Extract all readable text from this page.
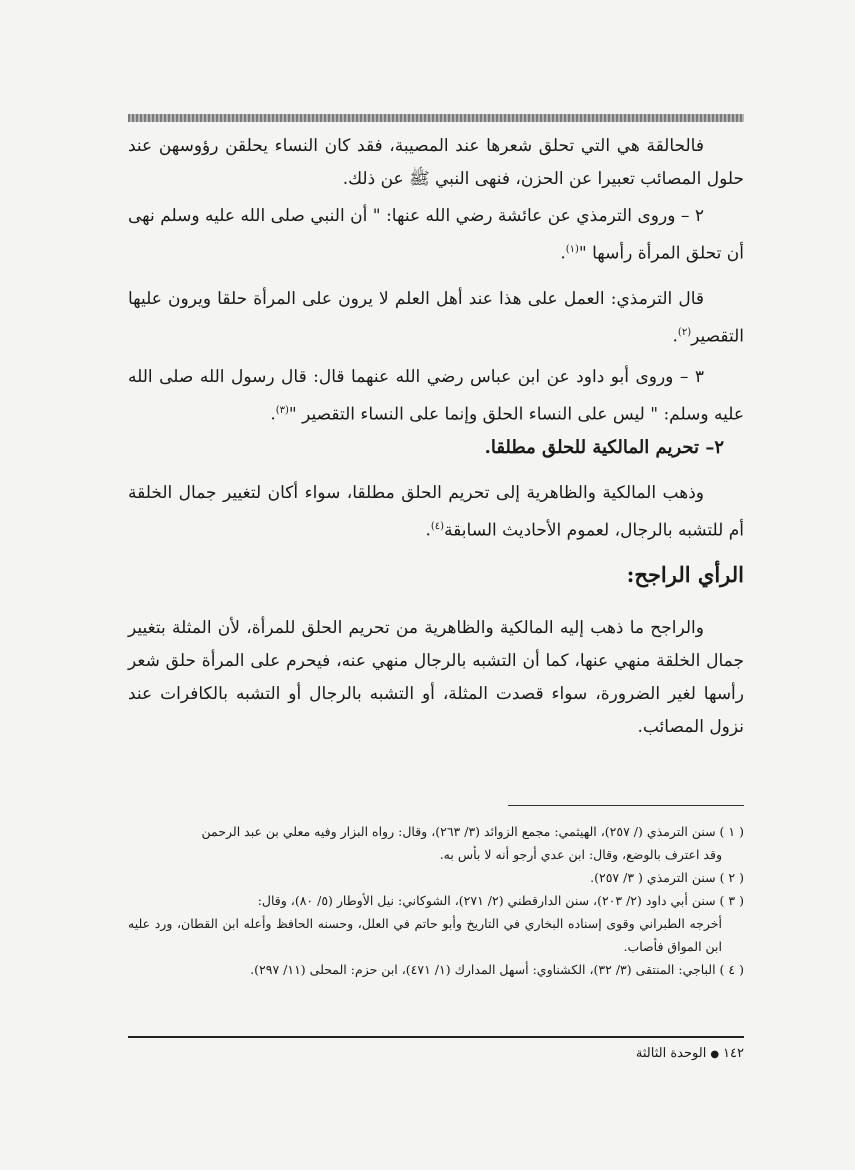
فالحالقة هي التي تحلق شعرها عند المصيبة، فقد كان النساء يحلقن رؤوسهن عند حلول المصائب تعبيرا عن الحزن، فنهى النبي ﷺ عن ذلك.

٢ – وروى الترمذي عن عائشة رضي الله عنها: " أن النبي صلى الله عليه وسلم نهى أن تحلق المرأة رأسها "$^{(١)}$.

قال الترمذي: العمل على هذا عند أهل العلم لا يرون على المرأة حلقا ويرون عليها التقصير$^{(٢)}$.

٣ – وروى أبو داود عن ابن عباس رضي الله عنهما قال: قال رسول الله صلى الله عليه وسلم: " ليس على النساء الحلق وإنما على النساء التقصير "$^{(٣)}$.

٢– تحريم المالكية للحلق مطلقا.

وذهب المالكية والظاهرية إلى تحريم الحلق مطلقا، سواء أكان لتغيير جمال الخلقة أم للتشبه بالرجال، لعموم الأحاديث السابقة$^{(٤)}$.

الرأي الراجح:

والراجح ما ذهب إليه المالكية والظاهرية من تحريم الحلق للمرأة، لأن المثلة بتغيير جمال الخلقة منهي عنها، كما أن التشبه بالرجال منهي عنه، فيحرم على المرأة حلق شعر رأسها لغير الضرورة، سواء قصدت المثلة، أو التشبه بالرجال أو التشبه بالكافرات عند نزول المصائب.

( ١ ) سنن الترمذي (/ ٢٥٧)، الهيثمي: مجمع الزوائد (٣/ ٢٦٣)، وقال: رواه البزار وفيه معلي بن عبد الرحمن

وقد اعترف بالوضع، وقال: ابن عدي أرجو أنه لا بأس به.

( ٢ ) سنن الترمذي ( ٣/ ٢٥٧).

( ٣ ) سنن أبي داود (٢/ ٢٠٣)، سنن الدارقطني (٢/ ٢٧١)، الشوكاني: نيل الأوطار (٥/ ٨٠)، وقال:

أخرجه الطبراني وقوى إسناده البخاري في التاريخ وأبو حاتم في العلل، وحسنه الحافظ وأعله ابن القطان، ورد عليه ابن المواق فأصاب.

( ٤ ) الباجي: المنتقى (٣/ ٣٢)، الكشناوي: أسهل المدارك (١/ ٤٧١)، ابن حزم: المحلى (١١/ ٢٩٧).

١٤٢●الوحدة الثالثة
